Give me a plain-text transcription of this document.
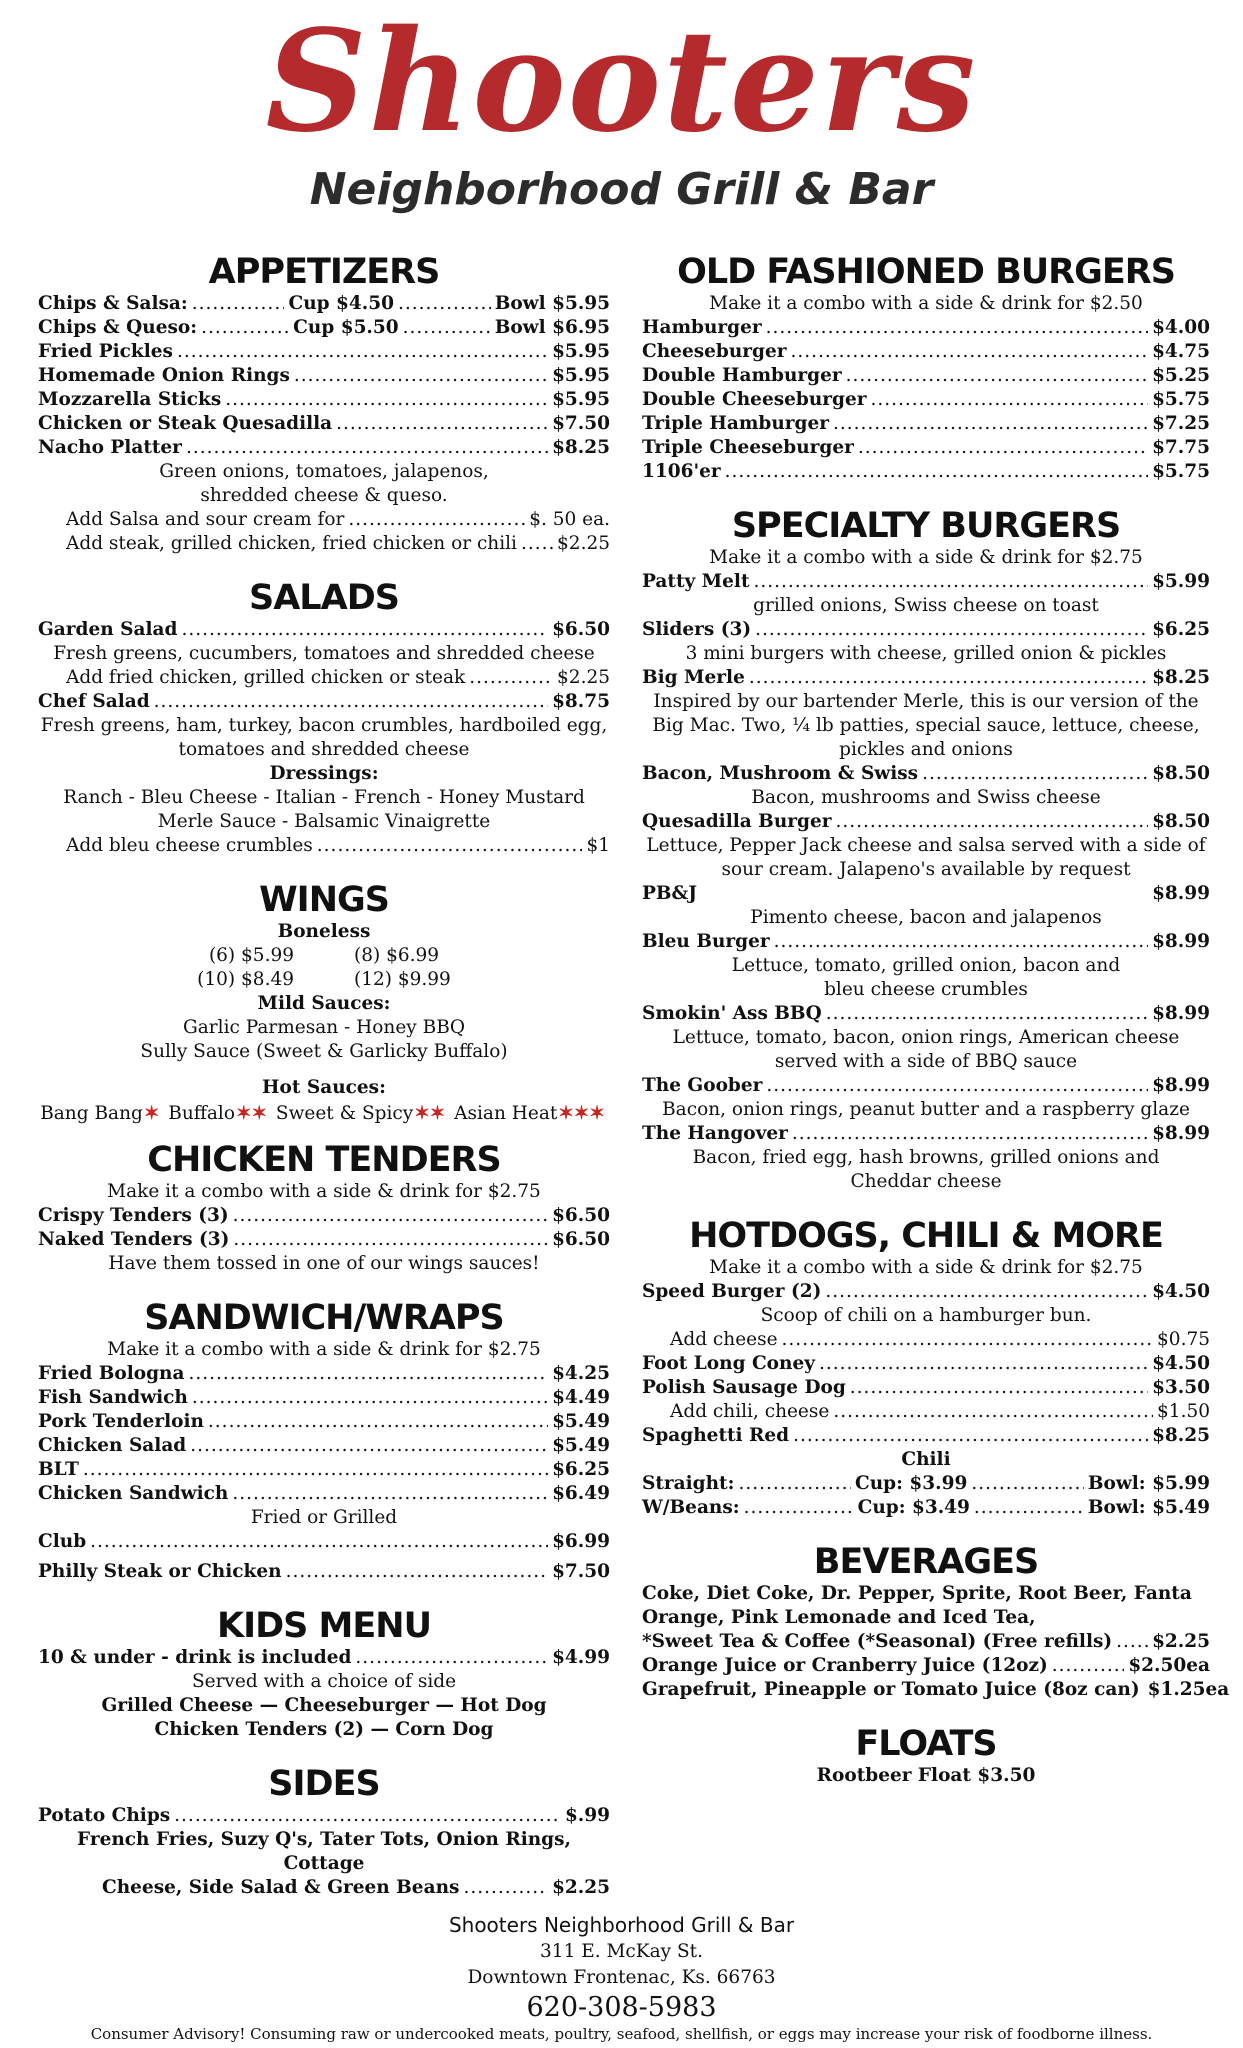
Shooters
Neighborhood Grill & Bar
APPETIZERS
Chips & Salsa: .....	Cup $4.50 .....	Bowl $5.95
Chips & Queso: .....	Cup $5.50 .....	Bowl $6.95
Fried Pickles .....	$5.95
Homemade Onion Rings .....	$5.95
Mozzarella Sticks .....	$5.95
Chicken or Steak Quesadilla .....	$7.50
Nacho Platter .....	$8.25
Green onions, tomatoes, jalapenos,
shredded cheese & queso.
Add Salsa and sour cream for .....	$. 50 ea.
Add steak, grilled chicken, fried chicken or chili ..... $2.25
SALADS
Garden Salad .....	$6.50
Fresh greens, cucumbers, tomatoes and shredded cheese
Add fried chicken, grilled chicken or steak .....	$2.25
Chef Salad .....	$8.75
Fresh greens, ham, turkey, bacon crumbles, hardboiled egg,
tomatoes and shredded cheese
Dressings:
Ranch - Bleu Cheese - Italian - French - Honey Mustard
Merle Sauce - Balsamic Vinaigrette
Add bleu cheese crumbles .....	$1
WINGS
Boneless
(6) $5.99	(8) $6.99
(10) $8.49	(12) $9.99
Mild Sauces:
Garlic Parmesan - Honey BBQ
Sully Sauce (Sweet & Garlicky Buffalo)
Hot Sauces:
Bang Bang✶ Buffalo✶✶ Sweet & Spicy✶✶ Asian Heat✶✶✶
CHICKEN TENDERS
Make it a combo with a side & drink for $2.75
Crispy Tenders (3) .....	$6.50
Naked Tenders (3) .....	$6.50
Have them tossed in one of our wings sauces!
SANDWICH/WRAPS
Make it a combo with a side & drink for $2.75
Fried Bologna .....	$4.25
Fish Sandwich .....	$4.49
Pork Tenderloin .....	$5.49
Chicken Salad .....	$5.49
BLT .....	$6.25
Chicken Sandwich .....	$6.49
Fried or Grilled
Club .....	$6.99
Philly Steak or Chicken .....	$7.50
KIDS MENU
10 & under - drink is included .....	$4.99
Served with a choice of side
Grilled Cheese — Cheeseburger — Hot Dog
Chicken Tenders (2) — Corn Dog
SIDES
Potato Chips .....	$.99
French Fries, Suzy Q's, Tater Tots, Onion Rings, Cottage
Cheese, Side Salad & Green Beans .....	$2.25
OLD FASHIONED BURGERS
Make it a combo with a side & drink for $2.50
Hamburger .....	$4.00
Cheeseburger .....	$4.75
Double Hamburger .....	$5.25
Double Cheeseburger .....	$5.75
Triple Hamburger .....	$7.25
Triple Cheeseburger .....	$7.75
1106'er .....	$5.75
SPECIALTY BURGERS
Make it a combo with a side & drink for $2.75
Patty Melt .....	$5.99
grilled onions, Swiss cheese on toast
Sliders (3) .....	$6.25
3 mini burgers with cheese, grilled onion & pickles
Big Merle .....	$8.25
Inspired by our bartender Merle, this is our version of the
Big Mac. Two, ¼ lb patties, special sauce, lettuce, cheese,
pickles and onions
Bacon, Mushroom & Swiss .....	$8.50
Bacon, mushrooms and Swiss cheese
Quesadilla Burger .....	$8.50
Lettuce, Pepper Jack cheese and salsa served with a side of
sour cream. Jalapeno's available by request
PB&J	$8.99
Pimento cheese, bacon and jalapenos
Bleu Burger .....	$8.99
Lettuce, tomato, grilled onion, bacon and
bleu cheese crumbles
Smokin' Ass BBQ .....	$8.99
Lettuce, tomato, bacon, onion rings, American cheese
served with a side of BBQ sauce
The Goober .....	$8.99
Bacon, onion rings, peanut butter and a raspberry glaze
The Hangover .....	$8.99
Bacon, fried egg, hash browns, grilled onions and
Cheddar cheese
HOTDOGS, CHILI & MORE
Make it a combo with a side & drink for $2.75
Speed Burger (2) .....	$4.50
Scoop of chili on a hamburger bun.
Add cheese .....	$0.75
Foot Long Coney .....	$4.50
Polish Sausage Dog .....	$3.50
Add chili, cheese .....	$1.50
Spaghetti Red .....	$8.25
Chili
Straight: .....	Cup: $3.99 .....	Bowl: $5.99
W/Beans: .....	Cup: $3.49 .....	Bowl: $5.49
BEVERAGES
Coke, Diet Coke, Dr. Pepper, Sprite, Root Beer, Fanta
Orange, Pink Lemonade and Iced Tea,
*Sweet Tea & Coffee (*Seasonal) (Free refills) ..... $2.25
Orange Juice or Cranberry Juice (12oz) .....	$2.50ea
Grapefruit, Pineapple or Tomato Juice (8oz can) $1.25ea
FLOATS
Rootbeer Float $3.50
Shooters Neighborhood Grill & Bar
311 E. McKay St.
Downtown Frontenac, Ks. 66763
620-308-5983
Consumer Advisory! Consuming raw or undercooked meats, poultry, seafood, shellfish, or eggs may increase your risk of foodborne illness.
